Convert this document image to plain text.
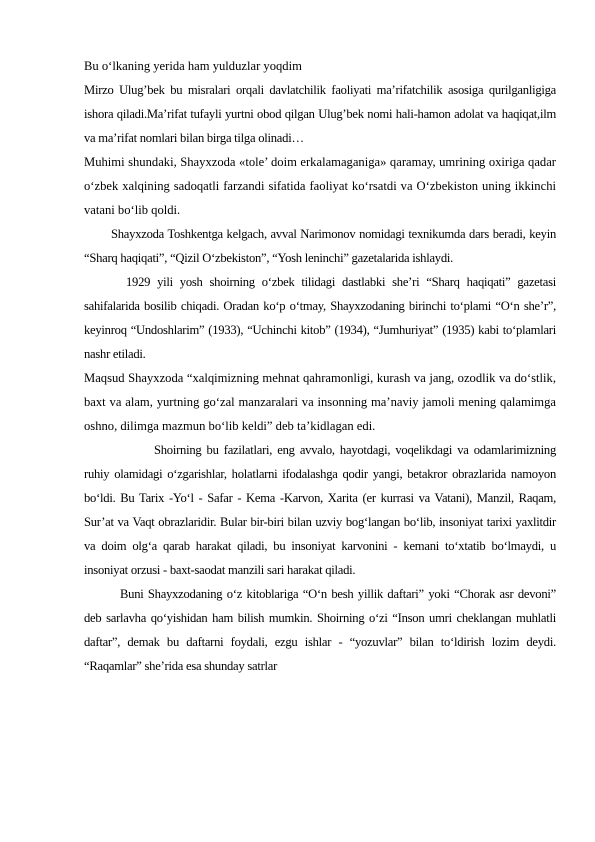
Bu o‘lkaning yerida ham yulduzlar yoqdim

Mirzo Ulug’bek bu misralari orqali davlatchilik faoliyati ma’rifatchilik asosiga qurilganligiga ishora qiladi.Ma’rifat tufayli yurtni obod qilgan Ulug’bek nomi hali-hamon adolat va haqiqat,ilm va ma’rifat nomlari bilan birga tilga olinadi…

Muhimi shundaki, Shayxzoda «tole’ doim erkalamaganiga» qaramay, umrining oxiriga qadar o‘zbek xalqining sadoqatli farzandi sifatida faoliyat ko‘rsatdi va O‘zbekiston uning ikkinchi vatani bo‘lib qoldi.

Shayxzoda Toshkentga kelgach, avval Narimonov nomidagi texnikumda dars beradi, keyin “Sharq haqiqati”, “Qizil O‘zbekiston”, “Yosh leninchi” gazetalarida ishlaydi.

1929 yili yosh shoirning o‘zbek tilidagi dastlabki she’ri “Sharq haqiqati” gazetasi sahifalarida bosilib chiqadi. Oradan ko‘p o‘tmay, Shayxzodaning birinchi to‘plami “O‘n she’r”, keyinroq “Undoshlarim” (1933), “Uchinchi kitob” (1934), “Jumhuriyat” (1935) kabi to‘plamlari nashr etiladi.

Maqsud Shayxzoda “xalqimizning mehnat qahramonligi, kurash va jang, ozodlik va do‘stlik, baxt va alam, yurtning go‘zal manzaralari va insonning ma’naviy jamoli mening qalamimga oshno, dilimga mazmun bo‘lib keldi” deb ta’kidlagan edi.

Shoirning bu fazilatlari, eng avvalo, hayotdagi, voqelikdagi va odamlarimizning ruhiy olamidagi o‘zgarishlar, holatlarni ifodalashga qodir yangi, betakror obrazlarida namoyon bo‘ldi. Bu Tarix -Yo‘l - Safar - Kema -Karvon, Xarita (er kurrasi va Vatani), Manzil, Raqam, Sur’at va Vaqt obrazlaridir. Bular bir-biri bilan uzviy bog‘langan bo‘lib, insoniyat tarixi yaxlitdir va doim olg‘a qarab harakat qiladi, bu insoniyat karvonini - kemani to‘xtatib bo‘lmaydi, u insoniyat orzusi - baxt-saodat manzili sari harakat qiladi.

Buni Shayxzodaning o‘z kitoblariga “O‘n besh yillik daftari” yoki “Chorak asr devoni” deb sarlavha qo‘yishidan ham bilish mumkin. Shoirning o‘zi “Inson umri cheklangan muhlatli daftar”, demak bu daftarni foydali, ezgu ishlar - “yozuvlar” bilan to‘ldirish lozim deydi. “Raqamlar” she’rida esa shunday satrlar
